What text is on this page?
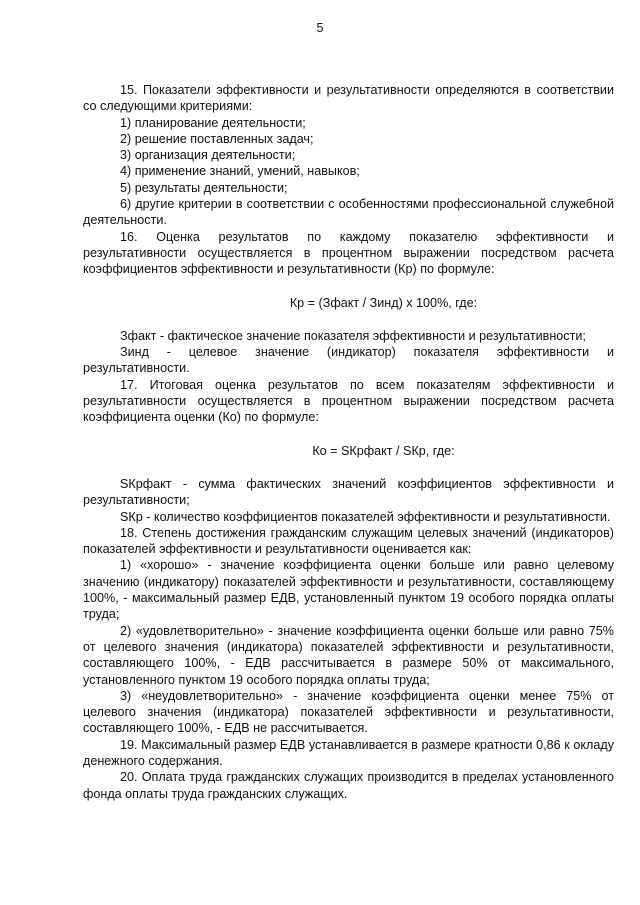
5
15. Показатели эффективности и результативности определяются в соответствии со следующими критериями:
1) планирование деятельности;
2) решение поставленных задач;
3) организация деятельности;
4) применение знаний, умений, навыков;
5) результаты деятельности;
6) другие критерии в соответствии с особенностями профессиональной служебной деятельности.
16. Оценка результатов по каждому показателю эффективности и результативности осуществляется в процентном выражении посредством расчета коэффициентов эффективности и результативности (Кр) по формуле:
Кр = (Зфакт / Зинд) х 100%, где:
Зфакт - фактическое значение показателя эффективности и результативности;
Зинд - целевое значение (индикатор) показателя эффективности и результативности.
17. Итоговая оценка результатов по всем показателям эффективности и результативности осуществляется в процентном выражении посредством расчета коэффициента оценки (Ко) по формуле:
Ко = SКрфакт / SКр, где:
SКрфакт - сумма фактических значений коэффициентов эффективности и результативности;
SКр - количество коэффициентов показателей эффективности и результативности.
18. Степень достижения гражданским служащим целевых значений (индикаторов) показателей эффективности и результативности оценивается как:
1) «хорошо» - значение коэффициента оценки больше или равно целевому значению (индикатору) показателей эффективности и результативности, составляющему 100%, - максимальный размер ЕДВ, установленный пунктом 19 особого порядка оплаты труда;
2) «удовлетворительно» - значение коэффициента оценки больше или равно 75% от целевого значения (индикатора) показателей эффективности и результативности, составляющего 100%, - ЕДВ рассчитывается в размере 50% от максимального, установленного пунктом 19 особого порядка оплаты труда;
3) «неудовлетворительно» - значение коэффициента оценки менее 75% от целевого значения (индикатора) показателей эффективности и результативности, составляющего 100%, - ЕДВ не рассчитывается.
19. Максимальный размер ЕДВ устанавливается в размере кратности 0,86 к окладу денежного содержания.
20. Оплата труда гражданских служащих производится в пределах установленного фонда оплаты труда гражданских служащих.
